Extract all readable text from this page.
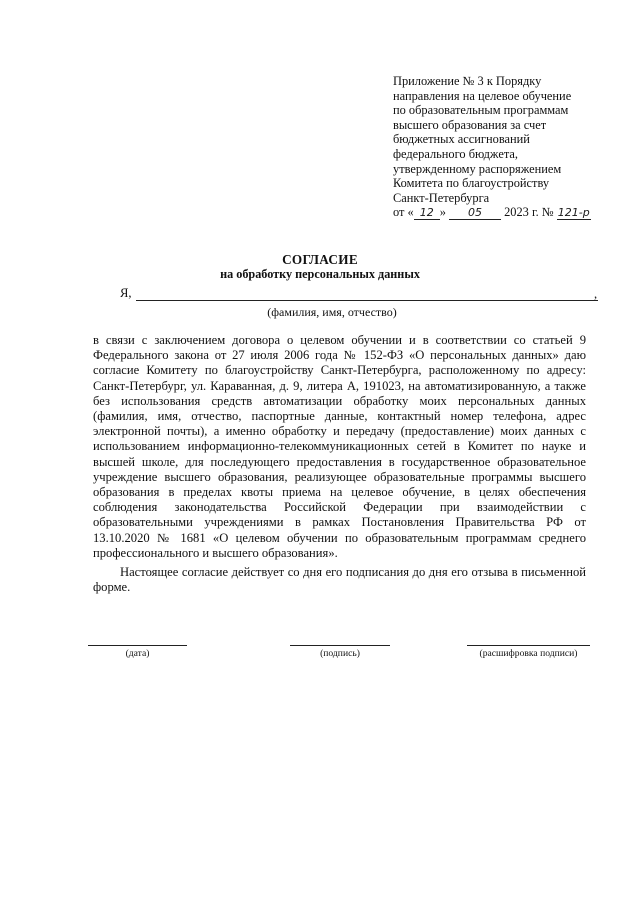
Приложение № 3 к Порядку
направления на целевое обучение
по образовательным программам
высшего образования за счет
бюджетных ассигнований
федерального бюджета,
утвержденному распоряжением
Комитета по благоустройству
Санкт-Петербурга
от « 12 » 05 2023 г. № 121-р
СОГЛАСИЕ
на обработку персональных данных
Я,	,
(фамилия, имя, отчество)

в связи с заключением договора о целевом обучении и в соответствии со статьей 9 Федерального закона от 27 июля 2006 года № 152-ФЗ «О персональных данных» даю согласие Комитету по благоустройству Санкт-Петербурга, расположенному по адресу: Санкт-Петербург, ул. Караванная, д. 9, литера А, 191023, на автоматизированную, а также без использования средств автоматизации обработку моих персональных данных (фамилия, имя, отчество, паспортные данные, контактный номер телефона, адрес электронной почты), а именно обработку и передачу (предоставление) моих данных с использованием информационно-телекоммуникационных сетей в Комитет по науке и высшей школе, для последующего предоставления в государственное образовательное учреждение высшего образования, реализующее образовательные программы высшего образования в пределах квоты приема на целевое обучение, в целях обеспечения соблюдения законодательства Российской Федерации при взаимодействии с образовательными учреждениями в рамках Постановления Правительства РФ от 13.10.2020 № 1681 «О целевом обучении по образовательным программам среднего профессионального и высшего образования».

Настоящее согласие действует со дня его подписания до дня его отзыва в письменной форме.
(дата)	(подпись)	(расшифровка подписи)
